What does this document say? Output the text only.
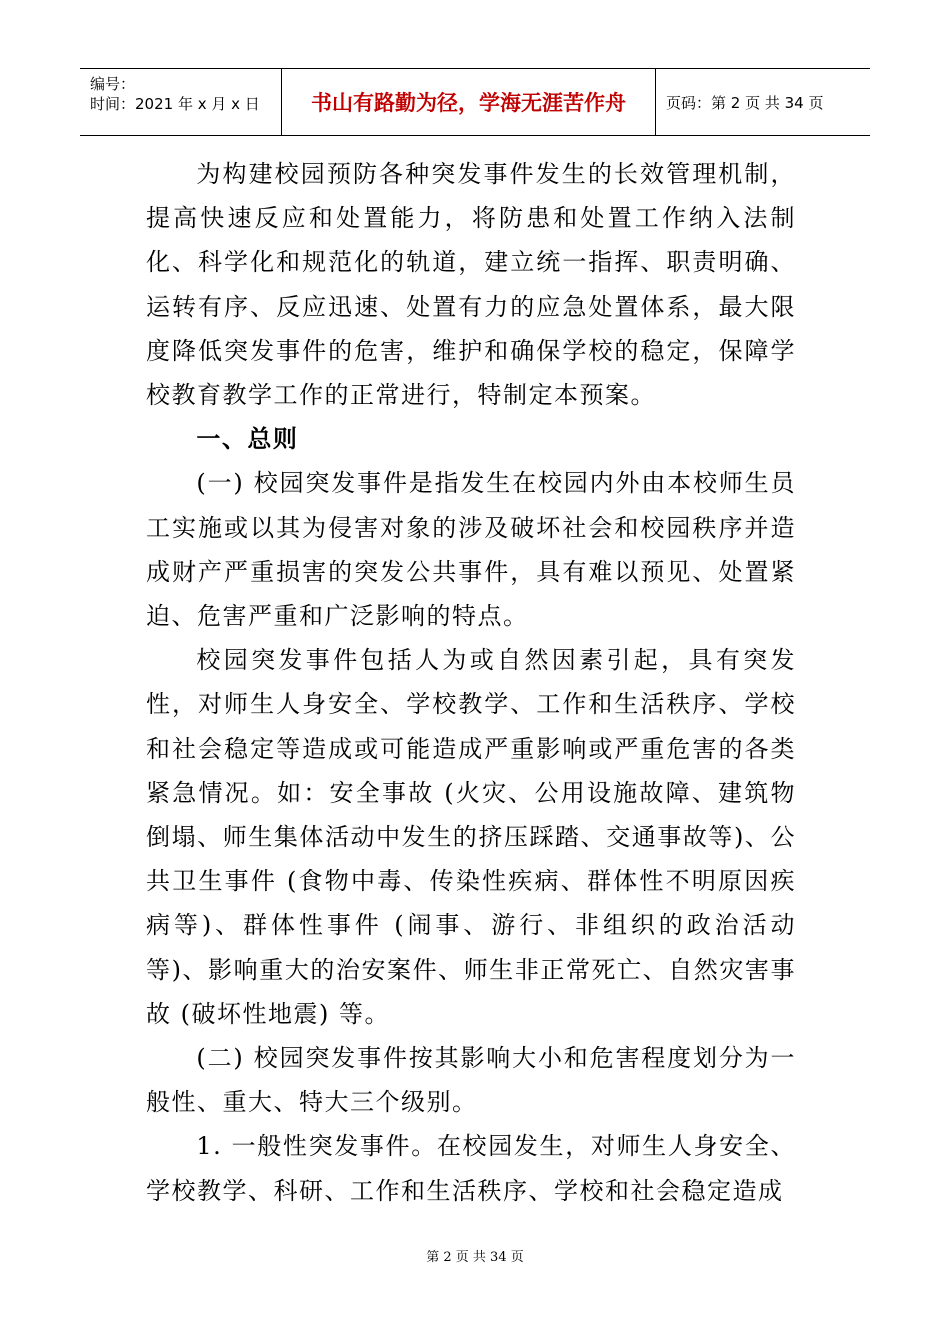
编号：
时间：2021 年 x 月 x 日	书山有路勤为径，学海无涯苦作舟	页码：第 2 页 共 34 页

为构建校园预防各种突发事件发生的长效管理机制，提高快速反应和处置能力，将防患和处置工作纳入法制化、科学化和规范化的轨道，建立统一指挥、职责明确、运转有序、反应迅速、处置有力的应急处置体系，最大限度降低突发事件的危害，维护和确保学校的稳定，保障学校教育教学工作的正常进行，特制定本预案。

一、总则

(一) 校园突发事件是指发生在校园内外由本校师生员工实施或以其为侵害对象的涉及破坏社会和校园秩序并造成财产严重损害的突发公共事件，具有难以预见、处置紧迫、危害严重和广泛影响的特点。

校园突发事件包括人为或自然因素引起，具有突发性，对师生人身安全、学校教学、工作和生活秩序、学校和社会稳定等造成或可能造成严重影响或严重危害的各类紧急情况。如：安全事故 (火灾、公用设施故障、建筑物倒塌、师生集体活动中发生的挤压踩踏、交通事故等)、公共卫生事件 (食物中毒、传染性疾病、群体性不明原因疾病等)、群体性事件 (闹事、游行、非组织的政治活动等)、影响重大的治安案件、师生非正常死亡、自然灾害事故 (破坏性地震) 等。

(二) 校园突发事件按其影响大小和危害程度划分为一般性、重大、特大三个级别。

1. 一般性突发事件。在校园发生，对师生人身安全、学校教学、科研、工作和生活秩序、学校和社会稳定造成

第 2 页 共 34 页
